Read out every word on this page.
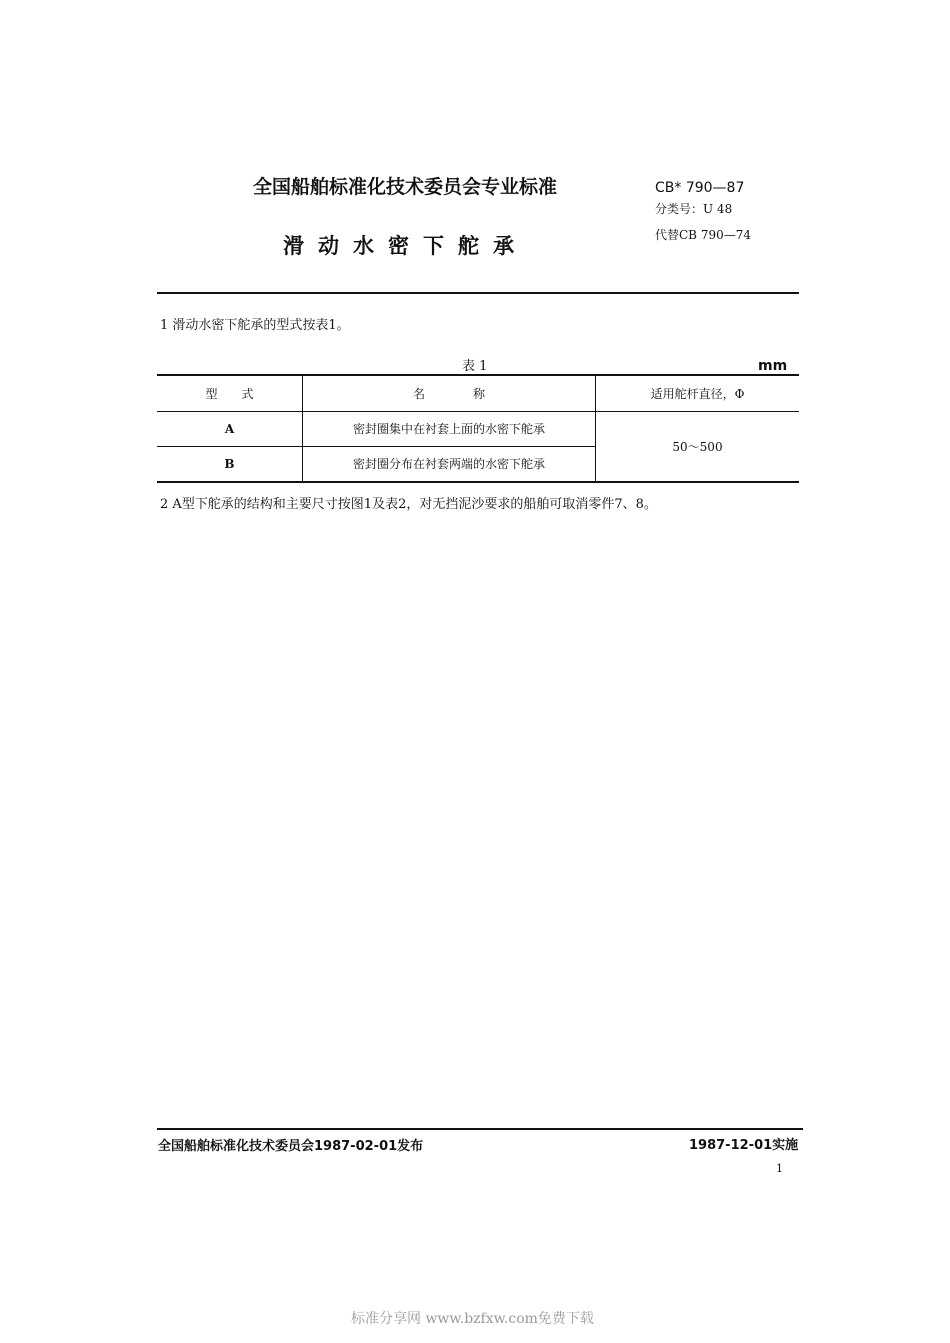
全国船舶标准化技术委员会专业标准
滑动水密下舵承
CB* 790—87
分类号：U 48
代替CB 790—74
1 滑动水密下舵承的型式按表1。
表 1	mm
型　　式	名　　　　称	适用舵杆直径，Φ
A	密封圈集中在衬套上面的水密下舵承	50～500
B	密封圈分布在衬套两端的水密下舵承	
2 A型下舵承的结构和主要尺寸按图1及表2，对无挡泥沙要求的船舶可取消零件7、8。
全国船舶标准化技术委员会1987-02-01发布	1987-12-01实施
1
标准分享网 www.bzfxw.com免费下载
